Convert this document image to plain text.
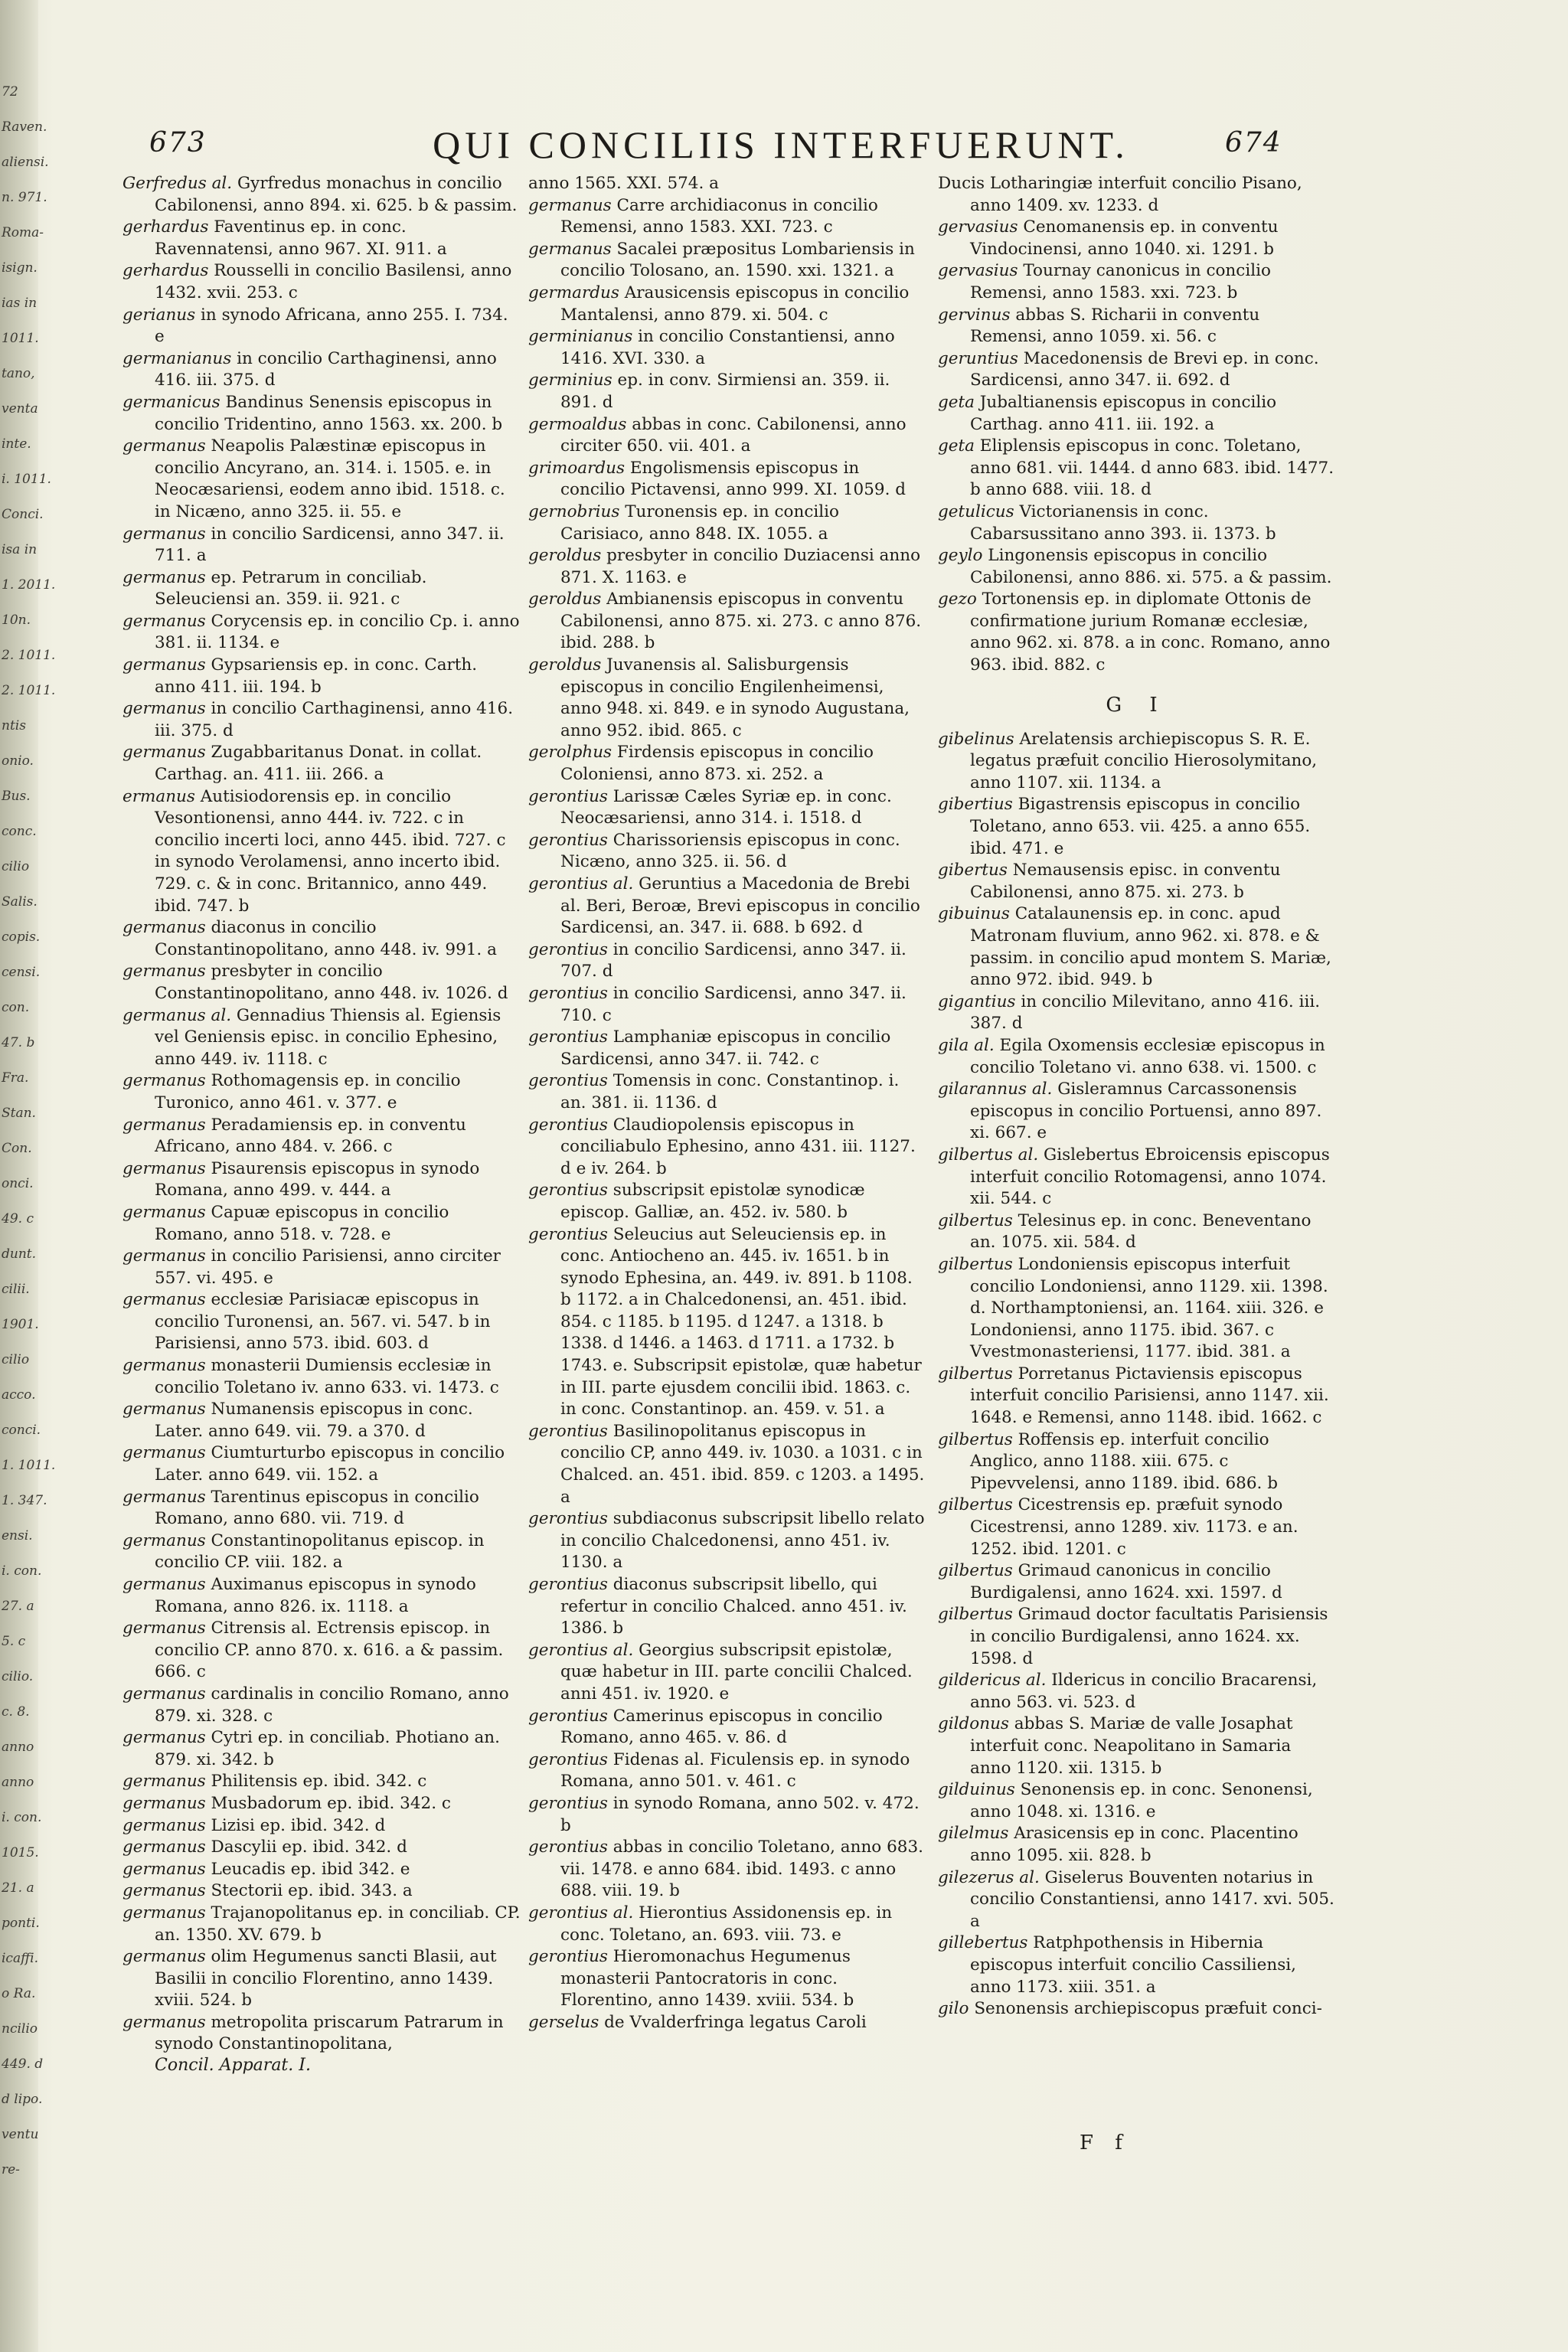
72
Raven.
aliensi.
n. 971.
Roma-
isign.
ias in
1011.
tano,
venta
inte.
i. 1011.
Conci.
isa in
1. 2011.
10n.
2. 1011.
2. 1011.
ntis
onio.
Bus.
conc.
cilio
Salis.
copis.
censi.
con.
47. b
Fra.
Stan.
Con.
onci.
49. c
dunt.
cilii.
1901.
cilio
acco.
conci.
1. 1011.
1. 347.
ensi.
i. con.
27. a
5. c
cilio.
c. 8.
anno
anno
i. con.
1015.
21. a
ponti.
icaffi.
o Ra.
ncilio
449. d
d lipo.
ventu
re-
673	QUI CONCILIIS INTERFUERUNT.	674

Gerfredus al. Gyrfredus monachus in concilio Cabilonensi, anno 894. xi. 625. b & passim.

gerhardus Faventinus ep. in conc. Ravennatensi, anno 967. XI. 911. a

gerhardus Rousselli in concilio Basilensi, anno 1432. xvii. 253. c

gerianus in synodo Africana, anno 255. I. 734. e

germanianus in concilio Carthaginensi, anno 416. iii. 375. d

germanicus Bandinus Senensis episcopus in concilio Tridentino, anno 1563. xx. 200. b

germanus Neapolis Palæstinæ episcopus in concilio Ancyrano, an. 314. i. 1505. e. in Neocæsariensi, eodem anno ibid. 1518. c. in Nicæno, anno 325. ii. 55. e

germanus in concilio Sardicensi, anno 347. ii. 711. a

germanus ep. Petrarum in conciliab. Seleuciensi an. 359. ii. 921. c

germanus Corycensis ep. in concilio Cp. i. anno 381. ii. 1134. e

germanus Gypsariensis ep. in conc. Carth. anno 411. iii. 194. b

germanus in concilio Carthaginensi, anno 416. iii. 375. d

germanus Zugabbaritanus Donat. in collat. Carthag. an. 411. iii. 266. a

ermanus Autisiodorensis ep. in concilio Vesontionensi, anno 444. iv. 722. c in concilio incerti loci, anno 445. ibid. 727. c in synodo Verolamensi, anno incerto ibid. 729. c. & in conc. Britannico, anno 449. ibid. 747. b

germanus diaconus in concilio Constantinopolitano, anno 448. iv. 991. a

germanus presbyter in concilio Constantinopolitano, anno 448. iv. 1026. d

germanus al. Gennadius Thiensis al. Egiensis vel Geniensis episc. in concilio Ephesino, anno 449. iv. 1118. c

germanus Rothomagensis ep. in concilio Turonico, anno 461. v. 377. e

germanus Peradamiensis ep. in conventu Africano, anno 484. v. 266. c

germanus Pisaurensis episcopus in synodo Romana, anno 499. v. 444. a

germanus Capuæ episcopus in concilio Romano, anno 518. v. 728. e

germanus in concilio Parisiensi, anno circiter 557. vi. 495. e

germanus ecclesiæ Parisiacæ episcopus in concilio Turonensi, an. 567. vi. 547. b in Parisiensi, anno 573. ibid. 603. d

germanus monasterii Dumiensis ecclesiæ in concilio Toletano iv. anno 633. vi. 1473. c

germanus Numanensis episcopus in conc. Later. anno 649. vii. 79. a 370. d

germanus Ciumturturbo episcopus in concilio Later. anno 649. vii. 152. a

germanus Tarentinus episcopus in concilio Romano, anno 680. vii. 719. d

germanus Constantinopolitanus episcop. in concilio CP. viii. 182. a

germanus Auximanus episcopus in synodo Romana, anno 826. ix. 1118. a

germanus Citrensis al. Ectrensis episcop. in concilio CP. anno 870. x. 616. a & passim. 666. c

germanus cardinalis in concilio Romano, anno 879. xi. 328. c

germanus Cytri ep. in conciliab. Photiano an. 879. xi. 342. b

germanus Philitensis ep. ibid. 342. c

germanus Musbadorum ep. ibid. 342. c

germanus Lizisi ep. ibid. 342. d

germanus Dascylii ep. ibid. 342. d

germanus Leucadis ep. ibid 342. e

germanus Stectorii ep. ibid. 343. a

germanus Trajanopolitanus ep. in conciliab. CP. an. 1350. XV. 679. b

germanus olim Hegumenus sancti Blasii, aut Basilii in concilio Florentino, anno 1439. xviii. 524. b

germanus metropolita priscarum Patrarum in synodo Constantinopolitana,

Concil. Apparat. I.

anno 1565. XXI. 574. a

germanus Carre archidiaconus in concilio Remensi, anno 1583. XXI. 723. c

germanus Sacalei præpositus Lombariensis in concilio Tolosano, an. 1590. xxi. 1321. a

germardus Arausicensis episcopus in concilio Mantalensi, anno 879. xi. 504. c

germinianus in concilio Constantiensi, anno 1416. XVI. 330. a

germinius ep. in conv. Sirmiensi an. 359. ii. 891. d

germoaldus abbas in conc. Cabilonensi, anno circiter 650. vii. 401. a

grimoardus Engolismensis episcopus in concilio Pictavensi, anno 999. XI. 1059. d

gernobrius Turonensis ep. in concilio Carisiaco, anno 848. IX. 1055. a

geroldus presbyter in concilio Duziacensi anno 871. X. 1163. e

geroldus Ambianensis episcopus in conventu Cabilonensi, anno 875. xi. 273. c anno 876. ibid. 288. b

geroldus Juvanensis al. Salisburgensis episcopus in concilio Engilenheimensi, anno 948. xi. 849. e in synodo Augustana, anno 952. ibid. 865. c

gerolphus Firdensis episcopus in concilio Coloniensi, anno 873. xi. 252. a

gerontius Larissæ Cæles Syriæ ep. in conc. Neocæsariensi, anno 314. i. 1518. d

gerontius Charissoriensis episcopus in conc. Nicæno, anno 325. ii. 56. d

gerontius al. Geruntius a Macedonia de Brebi al. Beri, Beroæ, Brevi episcopus in concilio Sardicensi, an. 347. ii. 688. b 692. d

gerontius in concilio Sardicensi, anno 347. ii. 707. d

gerontius in concilio Sardicensi, anno 347. ii. 710. c

gerontius Lamphaniæ episcopus in concilio Sardicensi, anno 347. ii. 742. c

gerontius Tomensis in conc. Constantinop. i. an. 381. ii. 1136. d

gerontius Claudiopolensis episcopus in conciliabulo Ephesino, anno 431. iii. 1127. d e iv. 264. b

gerontius subscripsit epistolæ synodicæ episcop. Galliæ, an. 452. iv. 580. b

gerontius Seleucius aut Seleuciensis ep. in conc. Antiocheno an. 445. iv. 1651. b in synodo Ephesina, an. 449. iv. 891. b 1108. b 1172. a in Chalcedonensi, an. 451. ibid. 854. c 1185. b 1195. d 1247. a 1318. b 1338. d 1446. a 1463. d 1711. a 1732. b 1743. e. Subscripsit epistolæ, quæ habetur in III. parte ejusdem concilii ibid. 1863. c. in conc. Constantinop. an. 459. v. 51. a

gerontius Basilinopolitanus episcopus in concilio CP, anno 449. iv. 1030. a 1031. c in Chalced. an. 451. ibid. 859. c 1203. a 1495. a

gerontius subdiaconus subscripsit libello relato in concilio Chalcedonensi, anno 451. iv. 1130. a

gerontius diaconus subscripsit libello, qui refertur in concilio Chalced. anno 451. iv. 1386. b

gerontius al. Georgius subscripsit epistolæ, quæ habetur in III. parte concilii Chalced. anni 451. iv. 1920. e

gerontius Camerinus episcopus in concilio Romano, anno 465. v. 86. d

gerontius Fidenas al. Ficulensis ep. in synodo Romana, anno 501. v. 461. c

gerontius in synodo Romana, anno 502. v. 472. b

gerontius abbas in concilio Toletano, anno 683. vii. 1478. e anno 684. ibid. 1493. c anno 688. viii. 19. b

gerontius al. Hierontius Assidonensis ep. in conc. Toletano, an. 693. viii. 73. e

gerontius Hieromonachus Hegumenus monasterii Pantocratoris in conc. Florentino, anno 1439. xviii. 534. b

gerselus de Vvalderfringa legatus Caroli

Ducis Lotharingiæ interfuit concilio Pisano, anno 1409. xv. 1233. d

gervasius Cenomanensis ep. in conventu Vindocinensi, anno 1040. xi. 1291. b

gervasius Tournay canonicus in concilio Remensi, anno 1583. xxi. 723. b

gervinus abbas S. Richarii in conventu Remensi, anno 1059. xi. 56. c

geruntius Macedonensis de Brevi ep. in conc. Sardicensi, anno 347. ii. 692. d

geta Jubaltianensis episcopus in concilio Carthag. anno 411. iii. 192. a

geta Eliplensis episcopus in conc. Toletano, anno 681. vii. 1444. d anno 683. ibid. 1477. b anno 688. viii. 18. d

getulicus Victorianensis in conc. Cabarsussitano anno 393. ii. 1373. b

geylo Lingonensis episcopus in concilio Cabilonensi, anno 886. xi. 575. a & passim.

gezo Tortonensis ep. in diplomate Ottonis de confirmatione jurium Romanæ ecclesiæ, anno 962. xi. 878. a in conc. Romano, anno 963. ibid. 882. c

G I

gibelinus Arelatensis archiepiscopus S. R. E. legatus præfuit concilio Hierosolymitano, anno 1107. xii. 1134. a

gibertius Bigastrensis episcopus in concilio Toletano, anno 653. vii. 425. a anno 655. ibid. 471. e

gibertus Nemausensis episc. in conventu Cabilonensi, anno 875. xi. 273. b

gibuinus Catalaunensis ep. in conc. apud Matronam fluvium, anno 962. xi. 878. e & passim. in concilio apud montem S. Mariæ, anno 972. ibid. 949. b

gigantius in concilio Milevitano, anno 416. iii. 387. d

gila al. Egila Oxomensis ecclesiæ episcopus in concilio Toletano vi. anno 638. vi. 1500. c

gilarannus al. Gisleramnus Carcassonensis episcopus in concilio Portuensi, anno 897. xi. 667. e

gilbertus al. Gislebertus Ebroicensis episcopus interfuit concilio Rotomagensi, anno 1074. xii. 544. c

gilbertus Telesinus ep. in conc. Beneventano an. 1075. xii. 584. d

gilbertus Londoniensis episcopus interfuit concilio Londoniensi, anno 1129. xii. 1398. d. Northamptoniensi, an. 1164. xiii. 326. e Londoniensi, anno 1175. ibid. 367. c Vvestmonasteriensi, 1177. ibid. 381. a

gilbertus Porretanus Pictaviensis episcopus interfuit concilio Parisiensi, anno 1147. xii. 1648. e Remensi, anno 1148. ibid. 1662. c

gilbertus Roffensis ep. interfuit concilio Anglico, anno 1188. xiii. 675. c Pipevvelensi, anno 1189. ibid. 686. b

gilbertus Cicestrensis ep. præfuit synodo Cicestrensi, anno 1289. xiv. 1173. e an. 1252. ibid. 1201. c

gilbertus Grimaud canonicus in concilio Burdigalensi, anno 1624. xxi. 1597. d

gilbertus Grimaud doctor facultatis Parisiensis in concilio Burdigalensi, anno 1624. xx. 1598. d

gildericus al. Ildericus in concilio Bracarensi, anno 563. vi. 523. d

gildonus abbas S. Mariæ de valle Josaphat interfuit conc. Neapolitano in Samaria anno 1120. xii. 1315. b

gilduinus Senonensis ep. in conc. Senonensi, anno 1048. xi. 1316. e

gilelmus Arasicensis ep in conc. Placentino anno 1095. xii. 828. b

gilezerus al. Giselerus Bouventen notarius in concilio Constantiensi, anno 1417. xvi. 505. a

gillebertus Ratphpothensis in Hibernia episcopus interfuit concilio Cassiliensi, anno 1173. xiii. 351. a

gilo Senonensis archiepiscopus præfuit conci-

F f
